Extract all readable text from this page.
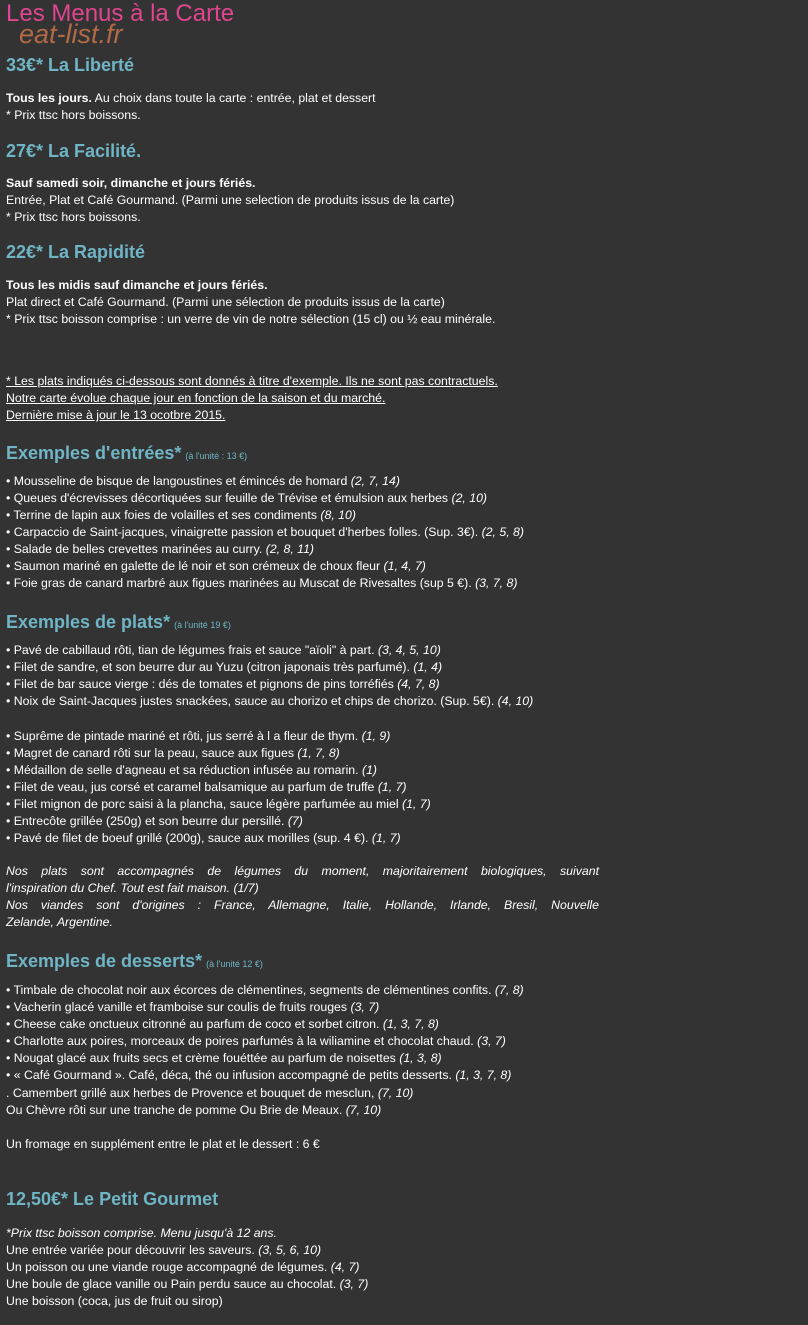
Les Menus à la Carte
eat-list.fr
33€* La Liberté
Tous les jours. Au choix dans toute la carte : entrée, plat et dessert
* Prix ttsc hors boissons.
27€* La Facilité.
Sauf samedi soir, dimanche et jours fériés.
Entrée, Plat et Café Gourmand. (Parmi une selection de produits issus de la carte)
* Prix ttsc hors boissons.
22€* La Rapidité
Tous les midis sauf dimanche et jours fériés.
Plat direct et Café Gourmand. (Parmi une sélection de produits issus de la carte)
* Prix ttsc boisson comprise : un verre de vin de notre sélection (15 cl) ou ½ eau minérale.
* Les plats indiqués ci-dessous sont donnés à titre d'exemple. Ils ne sont pas contractuels.
Notre carte évolue chaque jour en fonction de la saison et du marché.
Dernière mise à jour le 13 ocotbre 2015.
Exemples d'entrées* (à l'unité : 13 €)
• Mousseline de bisque de langoustines et émincés de homard (2, 7, 14)
• Queues d'écrevisses décortiquées sur feuille de Trévise et émulsion aux herbes (2, 10)
• Terrine de lapin aux foies de volailles et ses condiments (8, 10)
• Carpaccio de Saint-jacques, vinaigrette passion et bouquet d'herbes folles. (Sup. 3€). (2, 5, 8)
• Salade de belles crevettes marinées au curry. (2, 8, 11)
• Saumon mariné en galette de lé noir et son crémeux de choux fleur (1, 4, 7)
• Foie gras de canard marbré aux figues marinées au Muscat de Rivesaltes (sup 5 €). (3, 7, 8)
Exemples de plats* (à l'unité 19 €)
• Pavé de cabillaud rôti, tian de légumes frais et sauce "aïoli" à part. (3, 4, 5, 10)
• Filet de sandre, et son beurre dur au Yuzu (citron japonais très parfumé). (1, 4)
• Filet de bar sauce vierge : dés de tomates et pignons de pins torréfiés (4, 7, 8)
• Noix de Saint-Jacques justes snackées, sauce au chorizo et chips de chorizo. (Sup. 5€). (4, 10)
• Suprême de pintade mariné et rôti, jus serré à l a fleur de thym. (1, 9)
• Magret de canard rôti sur la peau, sauce aux figues (1, 7, 8)
• Médaillon de selle d'agneau et sa réduction infusée au romarin. (1)
• Filet de veau, jus corsé et caramel balsamique au parfum de truffe (1, 7)
• Filet mignon de porc saisi à la plancha, sauce légère parfumée au miel (1, 7)
• Entrecôte grillée (250g) et son beurre dur persillé. (7)
• Pavé de filet de boeuf grillé (200g), sauce aux morilles (sup. 4 €). (1, 7)
Nos plats sont accompagnés de légumes du moment, majoritairement biologiques, suivant
l'inspiration du Chef. Tout est fait maison. (1/7)
Nos viandes sont d'origines : France, Allemagne, Italie, Hollande, Irlande, Bresil, Nouvelle
Zelande, Argentine.
Exemples de desserts* (à l'unité 12 €)
• Timbale de chocolat noir aux écorces de clémentines, segments de clémentines confits. (7, 8)
• Vacherin glacé vanille et framboise sur coulis de fruits rouges (3, 7)
• Cheese cake onctueux citronné au parfum de coco et sorbet citron. (1, 3, 7, 8)
• Charlotte aux poires, morceaux de poires parfumés à la wiliamine et chocolat chaud. (3, 7)
• Nougat glacé aux fruits secs et crème fouéttée au parfum de noisettes (1, 3, 8)
• « Café Gourmand ». Café, déca, thé ou infusion accompagné de petits desserts. (1, 3, 7, 8)
. Camembert grillé aux herbes de Provence et bouquet de mesclun, (7, 10)
Ou Chèvre rôti sur une tranche de pomme Ou Brie de Meaux. (7, 10)
Un fromage en supplément entre le plat et le dessert : 6 €
12,50€* Le Petit Gourmet
*Prix ttsc boisson comprise. Menu jusqu'à 12 ans.
Une entrée variée pour découvrir les saveurs. (3, 5, 6, 10)
Un poisson ou une viande rouge accompagné de légumes. (4, 7)
Une boule de glace vanille ou Pain perdu sauce au chocolat. (3, 7)
Une boisson (coca, jus de fruit ou sirop)
